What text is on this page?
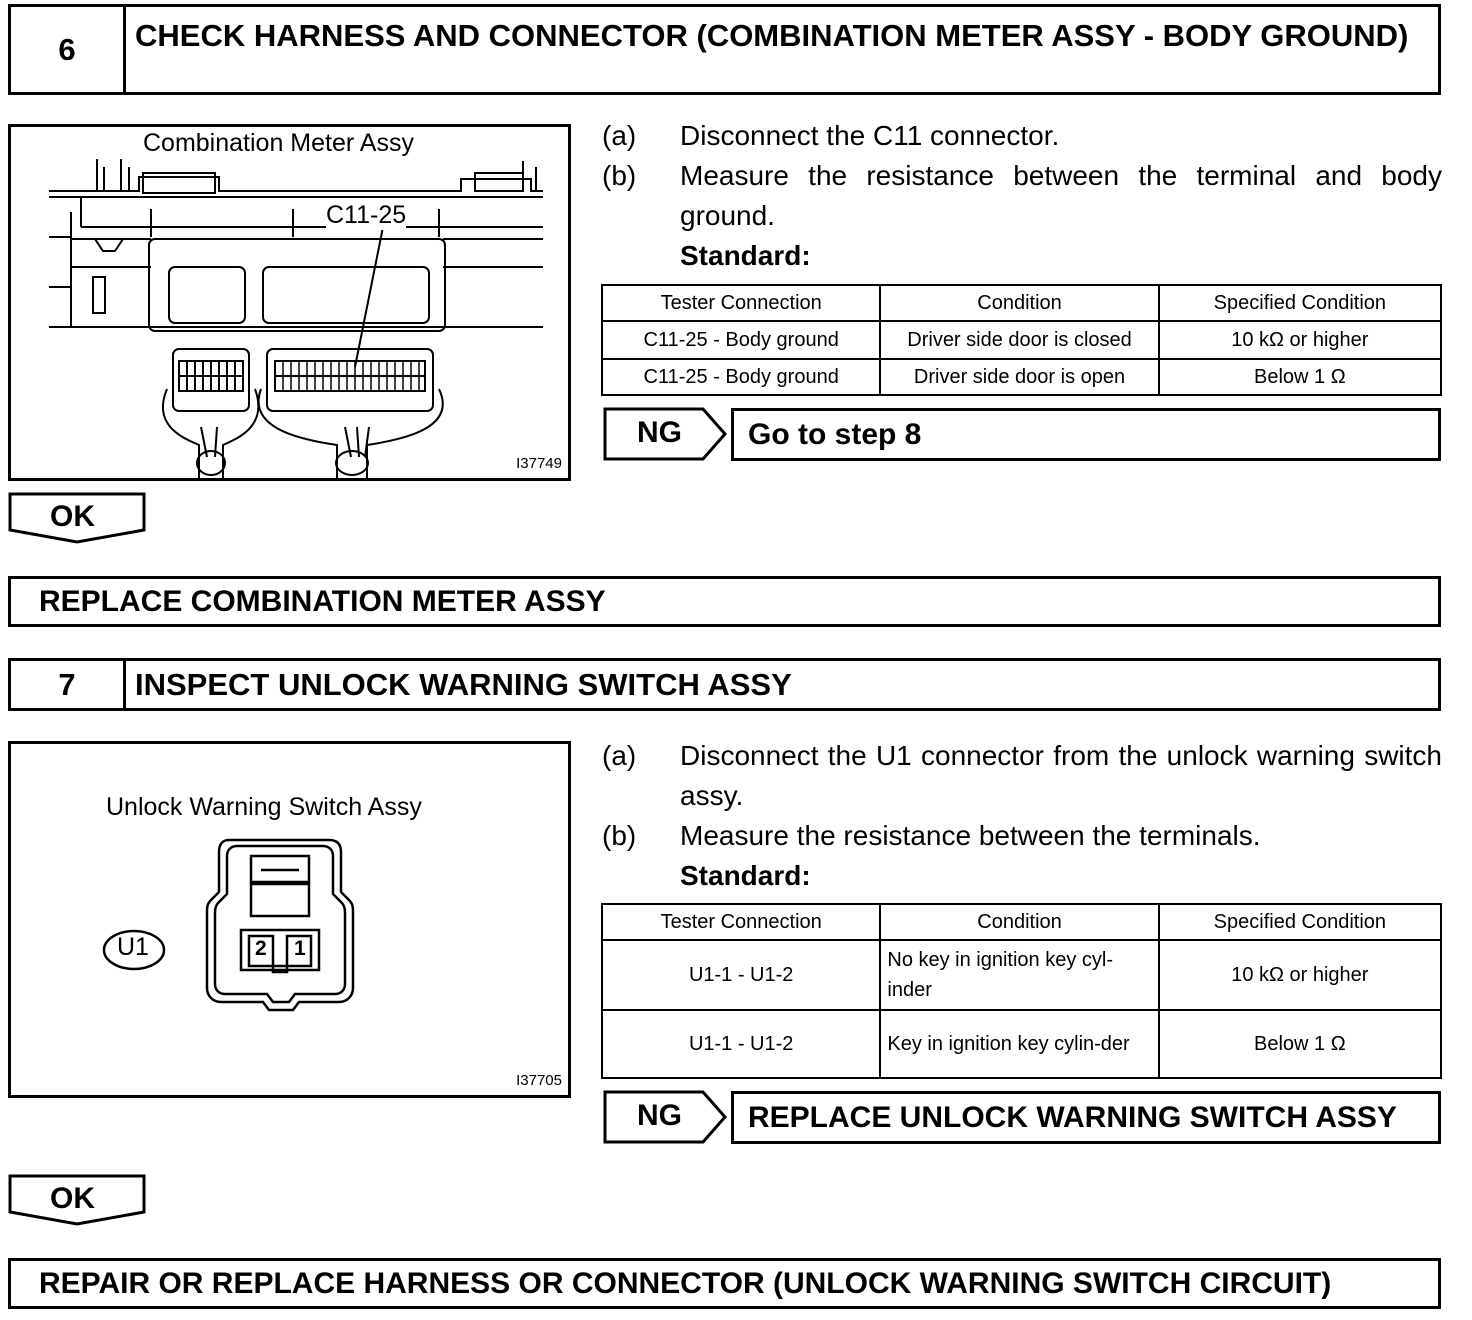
6	CHECK HARNESS AND CONNECTOR (COMBINATION METER ASSY - BODY GROUND)
Combination Meter Assy
C11-25
I37749
(a)	Disconnect the C11 connector.
(b)	Measure the resistance between the terminal and body ground.
Standard:
Tester Connection	Condition	Specified Condition
C11-25 - Body ground	Driver side door is closed	10 kΩ or higher
C11-25 - Body ground	Driver side door is open	Below 1 Ω
NG	Go to step 8
OK
REPLACE COMBINATION METER ASSY
7	INSPECT UNLOCK WARNING SWITCH ASSY
Unlock Warning Switch Assy
U1	2 1
I37705
(a)	Disconnect the U1 connector from the unlock warning switch assy.
(b)	Measure the resistance between the terminals.
Standard:
Tester Connection	Condition	Specified Condition
U1-1 - U1-2	No key in ignition key cyl-inder	10 kΩ or higher
U1-1 - U1-2	Key in ignition key cylin-der	Below 1 Ω
NG	REPLACE UNLOCK WARNING SWITCH ASSY
OK
REPAIR OR REPLACE HARNESS OR CONNECTOR (UNLOCK WARNING SWITCH CIRCUIT)
